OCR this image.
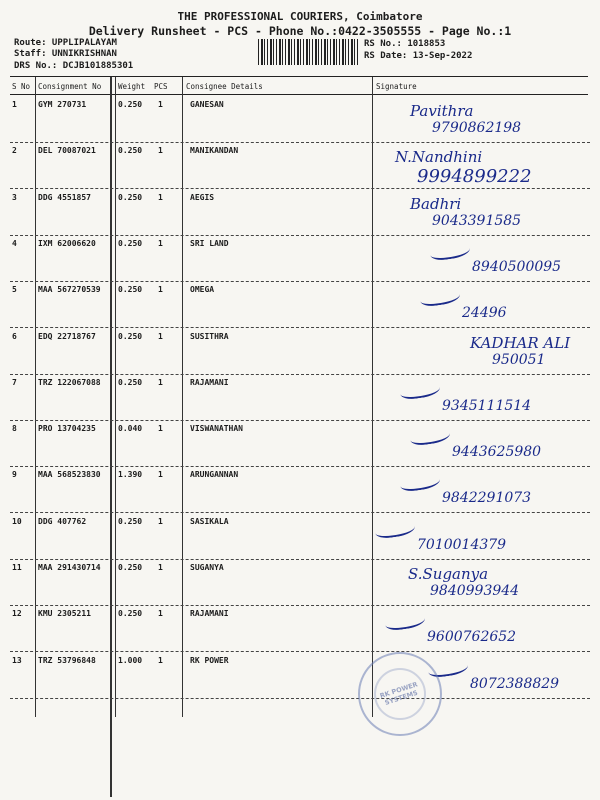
THE PROFESSIONAL COURIERS, Coimbatore
Delivery Runsheet - PCS - Phone No.:0422-3505555 - Page No.:1
Route: UPPLIPALAYAM
Staff: UNNIKRISHNAN
DRS No.: DCJB101885301
RS No.: 1018853
RS Date: 13-Sep-2022
S No Consignment No Weight PCS Consignee Details	Signature
1	GYM 270731	0.250 1	GANESAN	Pavithra
9790862198
2	DEL 70087021	0.250 1	MANIKANDAN	N.Nandhini
9994899222
3	DDG 4551857	0.250 1	AEGIS	Badhri
9043391585
4	IXM 62006620	0.250 1	SRI LAND
8940500095
5	MAA 567270539 0.250 1	OMEGA
24496
6	EDQ 22718767	0.250 1	SUSITHRA	KADHAR ALI
950051
7	TRZ 122067088 0.250 1	RAJAMANI
9345111514
8	PRO 13704235	0.040 1	VISWANATHAN
9443625980
9	MAA 568523830 1.390 1	ARUNGANNAN
9842291073
10 DDG 407762	0.250 1	SASIKALA
7010014379
11 MAA 291430714 0.250 1	SUGANYA	S.Suganya
9840993944
12 KMU 2305211	0.250 1	RAJAMANI
9600762652
13 TRZ 53796848	1.000 1	RK POWER
8072388829
RK POWER SYSTEMS
